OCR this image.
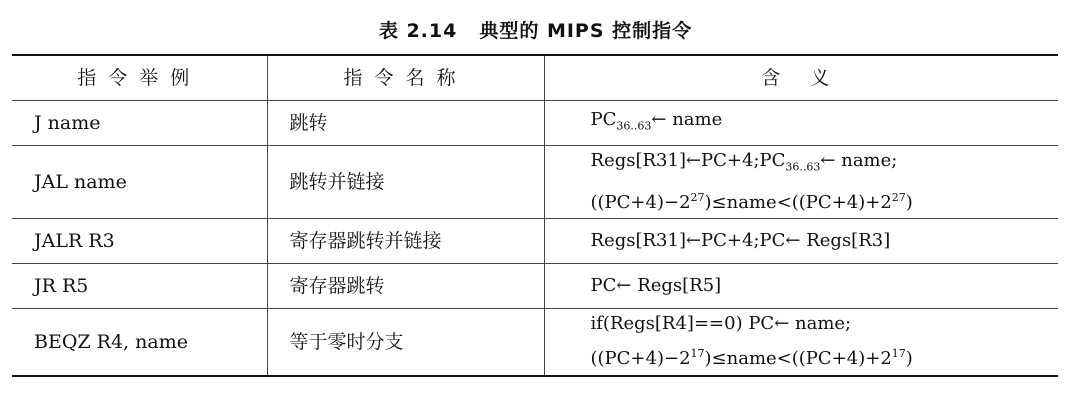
表 2.14 典型的 MIPS 控制指令
指令举例	指令名称	含 义
J name	跳转	$PC_{36..63}\leftarrow$ name

JAL name	跳转并链接	$Regs[R31]\leftarrow PC+4;PC_{36..63}\leftarrow$ name;
$((PC+4)-2^{27})\le name<((PC+4)+2^{27})$

JALR R3	寄存器跳转并链接	Regs[R31]←PC+4;PC← Regs[R3]

JR R5	寄存器跳转	PC← Regs[R5]

BEQZ R4, name	等于零时分支	if(Regs[R4]==0) PC← name;
$((PC+4)-2^{17})\le name<((PC+4)+2^{17})$
